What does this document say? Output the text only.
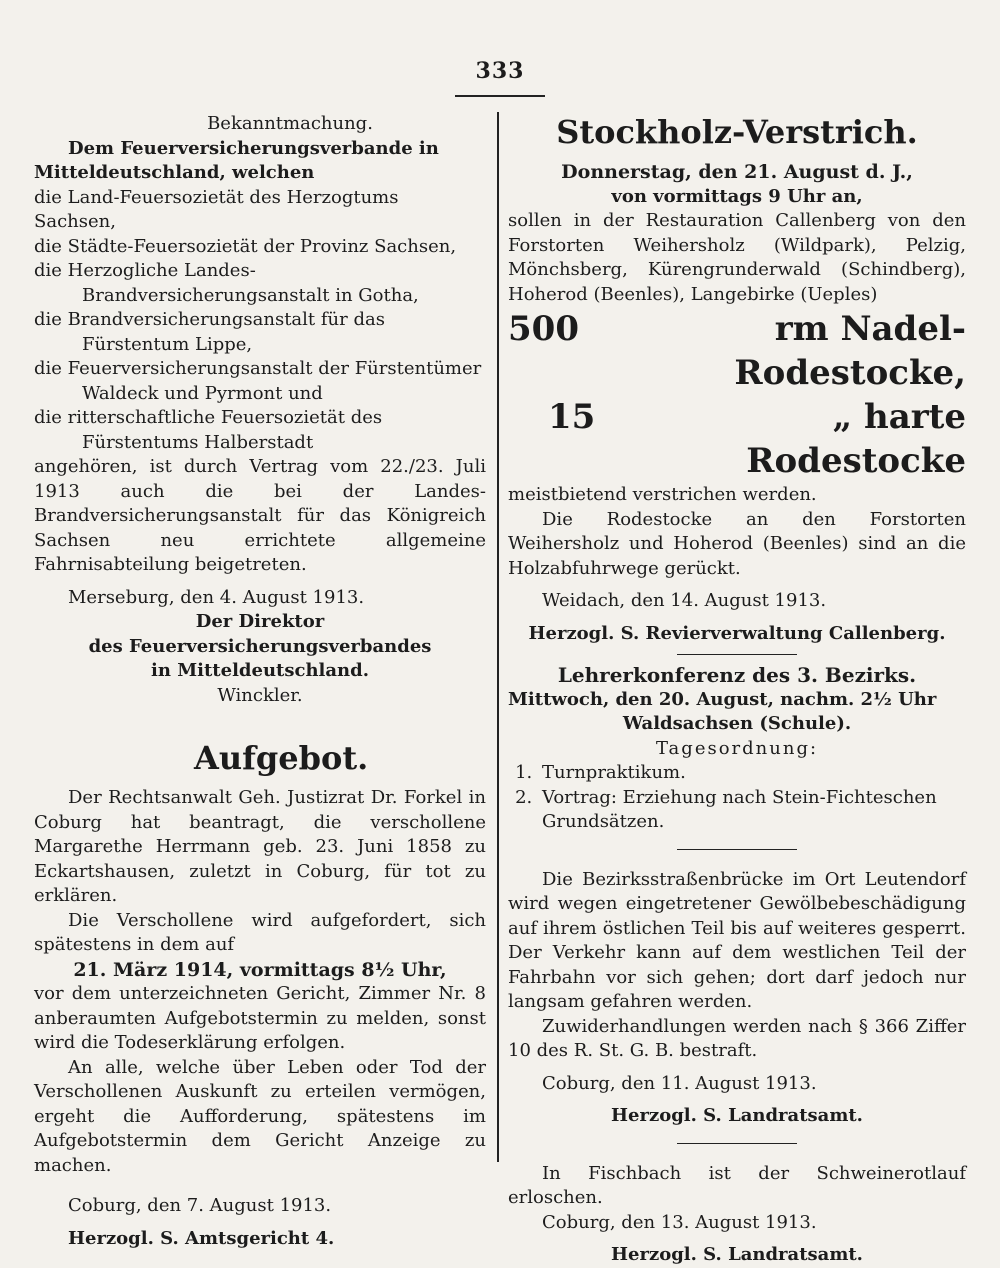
333

Bekanntmachung.

Dem Feuerversicherungsverbande in

Mitteldeutschland, welchen

die Land-Feuersozietät des Herzogtums Sachsen,

die Städte-Feuersozietät der Provinz Sachsen,

die Herzogliche Landes-Brandversicherungsanstalt in Gotha,

die Brandversicherungsanstalt für das Fürstentum Lippe,

die Feuerversicherungsanstalt der Fürstentümer Waldeck und Pyrmont und

die ritterschaftliche Feuersozietät des Fürstentums Halberstadt

angehören, ist durch Vertrag vom 22./23. Juli 1913 auch die bei der Landes-Brandversicherungsanstalt für das Königreich Sachsen neu errichtete allgemeine Fahrnisabteilung beigetreten.

Merseburg, den 4. August 1913.

Der Direktor

des Feuerversicherungsverbandes

in Mitteldeutschland.

Winckler.

Aufgebot.

Der Rechtsanwalt Geh. Justizrat Dr. Forkel in Coburg hat beantragt, die verschollene Margarethe Herrmann geb. 23. Juni 1858 zu Eckartshausen, zuletzt in Coburg, für tot zu erklären.

Die Verschollene wird aufgefordert, sich spätestens in dem auf

21. März 1914, vormittags 8½ Uhr,

vor dem unterzeichneten Gericht, Zimmer Nr. 8 anberaumten Aufgebotstermin zu melden, sonst wird die Todeserklärung erfolgen.

An alle, welche über Leben oder Tod der Verschollenen Auskunft zu erteilen vermögen, ergeht die Aufforderung, spätestens im Aufgebotstermin dem Gericht Anzeige zu machen.

Coburg, den 7. August 1913.

Herzogl. S. Amtsgericht 4.

Stockholz-Verstrich.

Donnerstag, den 21. August d. J.,

von vormittags 9 Uhr an,

sollen in der Restauration Callenberg von den Forstorten Weihersholz (Wildpark), Pelzig, Mönchsberg, Kürengrunderwald (Schindberg), Hoherod (Beenles), Langebirke (Ueples)

500	rm Nadel-Rodestocke,
15	„ harte Rodestocke

meistbietend verstrichen werden.

Die Rodestocke an den Forstorten Weihersholz und Hoherod (Beenles) sind an die Holzabfuhrwege gerückt.

Weidach, den 14. August 1913.

Herzogl. S. Revierverwaltung Callenberg.

Lehrerkonferenz des 3. Bezirks.

Mittwoch, den 20. August, nachm. 2½ Uhr

Waldsachsen (Schule).

Tagesordnung:

1. Turnpraktikum.
2. Vortrag: Erziehung nach Stein-Fichteschen Grundsätzen.

Die Bezirksstraßenbrücke im Ort Leutendorf wird wegen eingetretener Gewölbebeschädigung auf ihrem östlichen Teil bis auf weiteres gesperrt. Der Verkehr kann auf dem westlichen Teil der Fahrbahn vor sich gehen; dort darf jedoch nur langsam gefahren werden.

Zuwiderhandlungen werden nach § 366 Ziffer 10 des R. St. G. B. bestraft.

Coburg, den 11. August 1913.

Herzogl. S. Landratsamt.

In Fischbach ist der Schweinerotlauf erloschen.

Coburg, den 13. August 1913.

Herzogl. S. Landratsamt.
